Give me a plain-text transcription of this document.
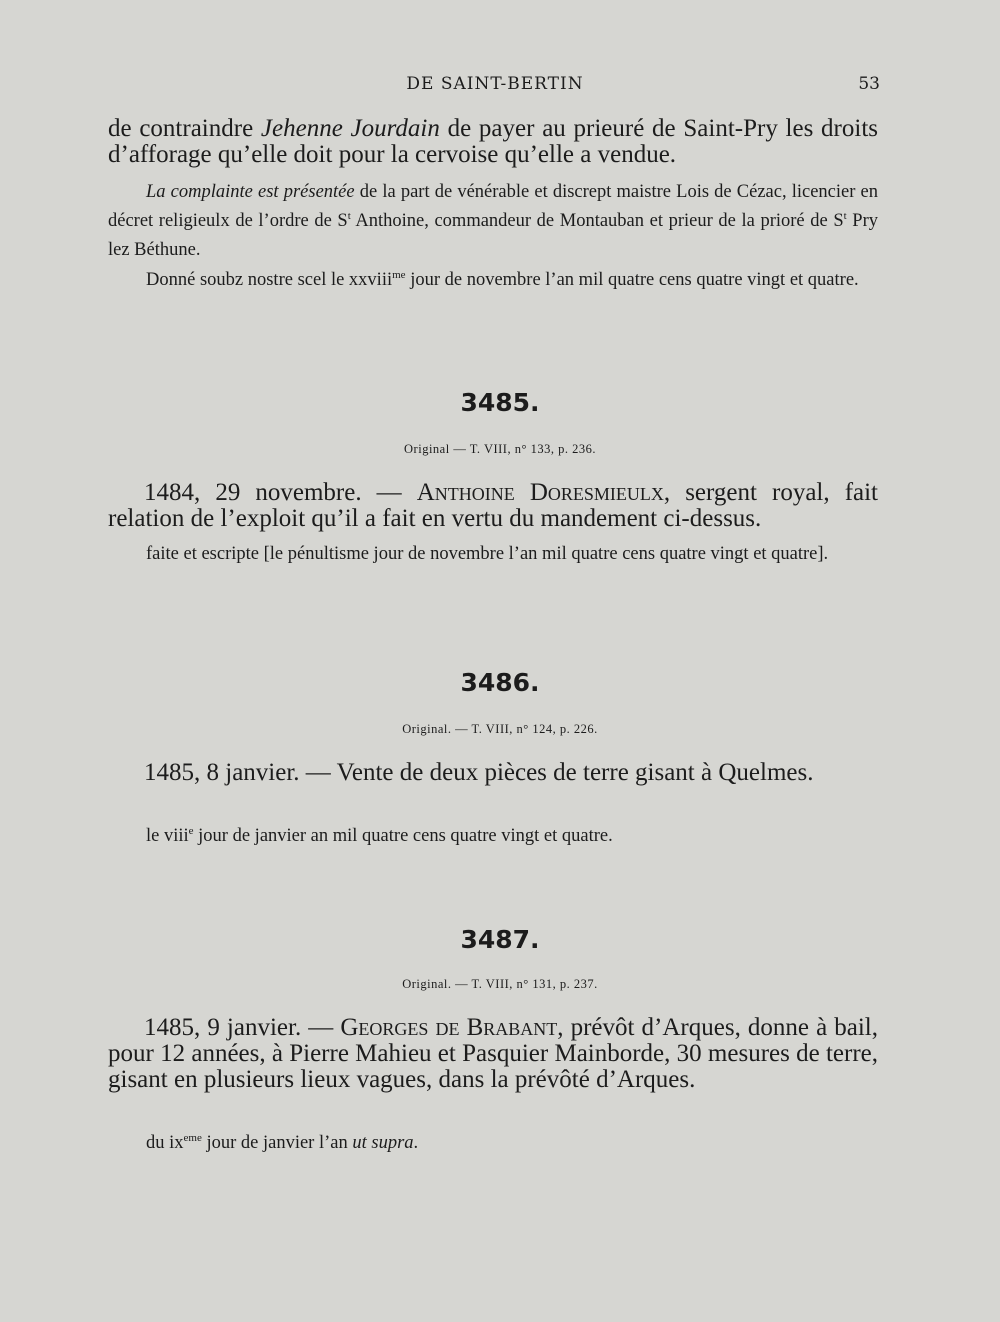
DE SAINT-BERTIN	53
de contraindre Jehenne Jourdain de payer au prieuré de Saint-Pry les droits d’afforage qu’elle doit pour la cervoise qu’elle a vendue.

La complainte est présentée de la part de vénérable et discrept maistre Lois de Cézac, licencier en décret religieulx de l’ordre de $S^t$ Anthoine, commandeur de Montauban et prieur de la prioré de $S^t$ Pry lez Béthune.

Donné soubz nostre scel le xxviii$^{me}$ jour de novembre l’an mil quatre cens quatre vingt et quatre.

3485.
Original — T. VIII, n° 133, p. 236.
1484, 29 novembre. — Anthoine Doresmieulx, sergent royal, fait relation de l’exploit qu’il a fait en vertu du mandement ci-dessus.

faite et escripte [le pénultisme jour de novembre l’an mil quatre cens quatre vingt et quatre].

3486.
Original. — T. VIII, n° 124, p. 226.
1485, 8 janvier. — Vente de deux pièces de terre gisant à Quelmes.

le viii$^e$ jour de janvier an mil quatre cens quatre vingt et quatre.

3487.
Original. — T. VIII, n° 131, p. 237.
1485, 9 janvier. — Georges de Brabant, prévôt d’Arques, donne à bail, pour 12 années, à Pierre Mahieu et Pasquier Mainborde, 30 mesures de terre, gisant en plusieurs lieux vagues, dans la prévôté d’Arques.

du $ix^{eme}$ jour de janvier l’an ut supra.
